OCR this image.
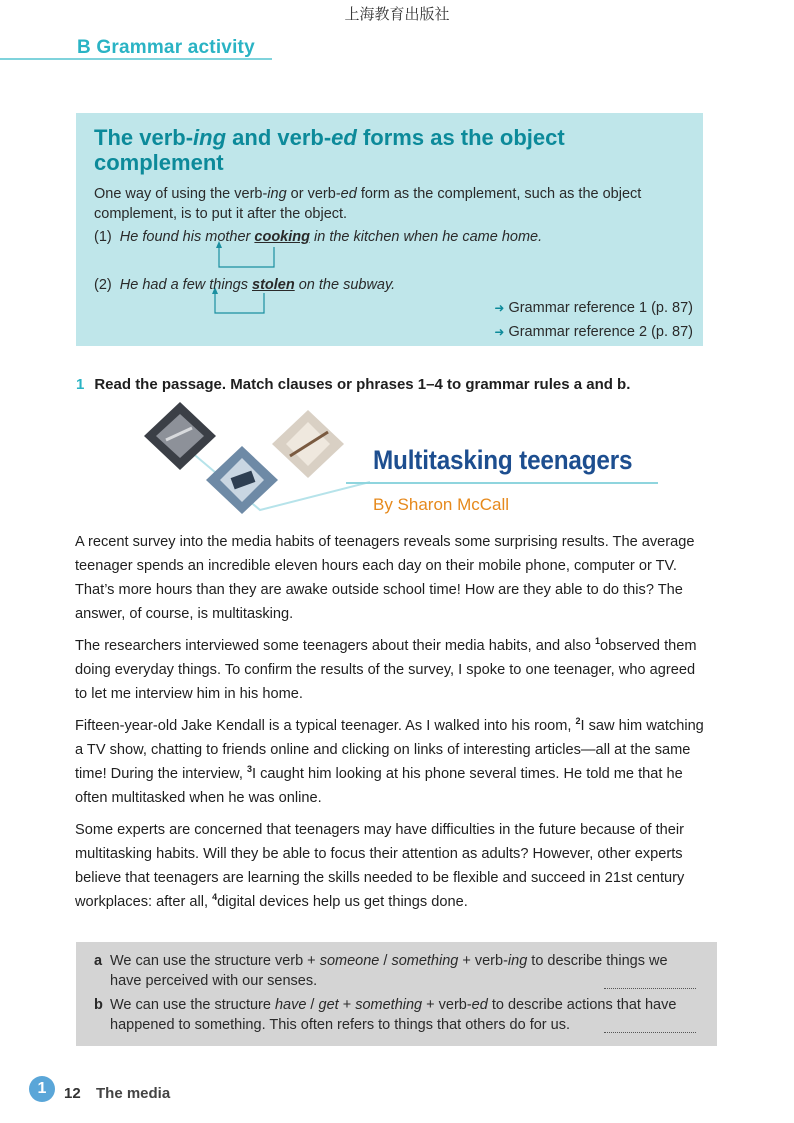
上海教育出版社
B Grammar activity
The verb-ing and verb-ed forms as the object complement
One way of using the verb-ing or verb-ed form as the complement, such as the object complement, is to put it after the object.
(1) He found his mother cooking in the kitchen when he came home.
(2) He had a few things stolen on the subway.
➜ Grammar reference 1 (p. 87)
➜ Grammar reference 2 (p. 87)
1 Read the passage. Match clauses or phrases 1–4 to grammar rules a and b.
Multitasking teenagers
By Sharon McCall

A recent survey into the media habits of teenagers reveals some surprising results. The average teenager spends an incredible eleven hours each day on their mobile phone, computer or TV. That’s more hours than they are awake outside school time! How are they able to do this? The answer, of course, is multitasking.

The researchers interviewed some teenagers about their media habits, and also $^1$observed them doing everyday things. To confirm the results of the survey, I spoke to one teenager, who agreed to let me interview him in his home.

Fifteen-year-old Jake Kendall is a typical teenager. As I walked into his room, $^2$I saw him watching a TV show, chatting to friends online and clicking on links of interesting articles—all at the same time! During the interview, $^3$I caught him looking at his phone several times. He told me that he often multitasked when he was online.

Some experts are concerned that teenagers may have difficulties in the future because of their multitasking habits. Will they be able to focus their attention as adults? However, other experts believe that teenagers are learning the skills needed to be flexible and succeed in 21st century workplaces: after all, $^4$digital devices help us get things done.

a We can use the structure verb + someone / something + verb-ing to describe things we have perceived with our senses.
b We can use the structure have / get + something + verb-ed to describe actions that have happened to something. This often refers to things that others do for us.
1	12 The media
